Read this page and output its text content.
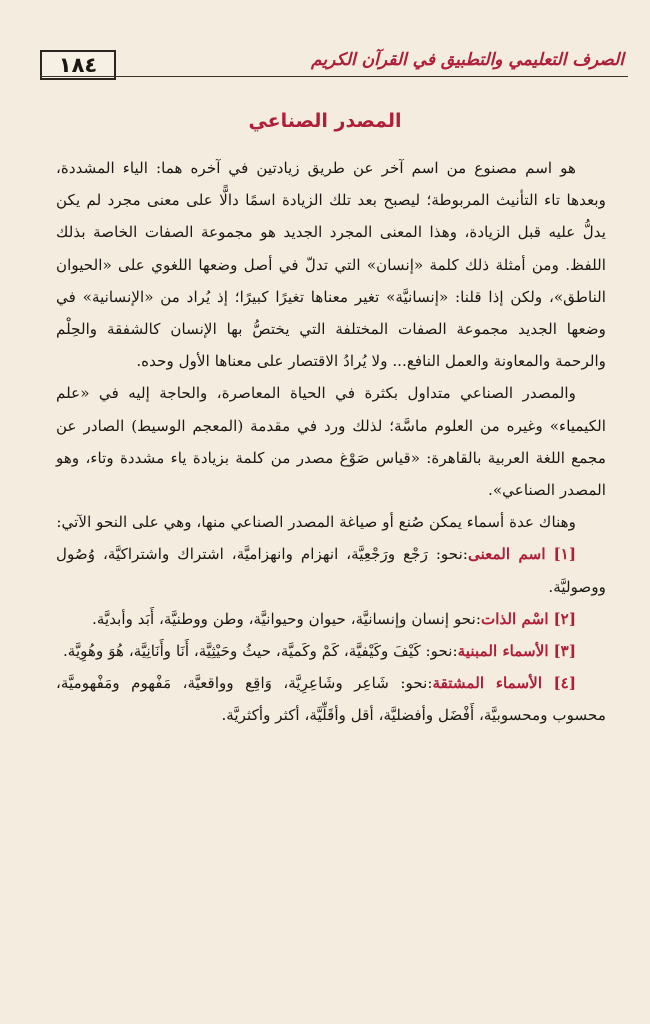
١٨٤	الصرف التعليمي والتطبيق في القرآن الكريم
المصدر الصناعي

هو اسم مصنوع من اسم آخر عن طريق زيادتين في آخره هما: الياء المشددة، وبعدها تاء التأنيث المربوطة؛ ليصبح بعد تلك الزيادة اسمًا دالًّا على معنى مجرد لم يكن يدلُّ عليه قبل الزيادة، وهذا المعنى المجرد الجديد هو مجموعة الصفات الخاصة بذلك اللفظ. ومن أمثلة ذلك كلمة «إنسان» التي تدلّ في أصل وضعها اللغوي على «الحيوان الناطق»، ولكن إذا قلنا: «إنسانيَّة» تغير معناها تغيرًا كبيرًا؛ إذ يُراد من «الإنسانية» في وضعها الجديد مجموعة الصفات المختلفة التي يختصُّ بها الإنسان كالشفقة والحِلْم والرحمة والمعاونة والعمل النافع... ولا يُرادُ الاقتصار على معناها الأول وحده.

والمصدر الصناعي متداول بكثرة في الحياة المعاصرة، والحاجة إليه في «علم الكيمياء» وغيره من العلوم ماسَّة؛ لذلك ورد في مقدمة (المعجم الوسيط) الصادر عن مجمع اللغة العربية بالقاهرة: «قياس صَوْغ مصدر من كلمة بزيادة ياء مشددة وتاء، وهو المصدر الصناعي».

وهناك عدة أسماء يمكن صُنع أو صياغة المصدر الصناعي منها، وهي على النحو الآتي:

[١] اسم المعنى:نحو: رَجْع ورَجْعِيَّة، انهزام وانهزاميَّة، اشتراك واشتراكيَّة، وُصُول ووصوليَّة.

[٢] اسْم الذات:نحو إنسان وإنسانيَّة، حيوان وحيوانيَّة، وطن ووطنيَّة، أَبَد وأبديَّة.

[٣] الأسماء المبنية:نحو: كَيْفَ وكَيْفيَّة، كَمْ وكَميَّة، حيثُ وحَيْثِيَّة، أَنَا وأَنَانِيَّة، هُوَ وهُوِيَّة.

[٤] الأسماء المشتقة:نحو: شَاعِر وشَاعِرِيَّة، وَاقِع وواقعيَّة، مَفْهوم ومَفْهوميَّة، محسوب ومحسوبيَّة، أَفْضَل وأفضليَّة، أقل وأقَلِّيَّة، أكثر وأكثريَّة.
